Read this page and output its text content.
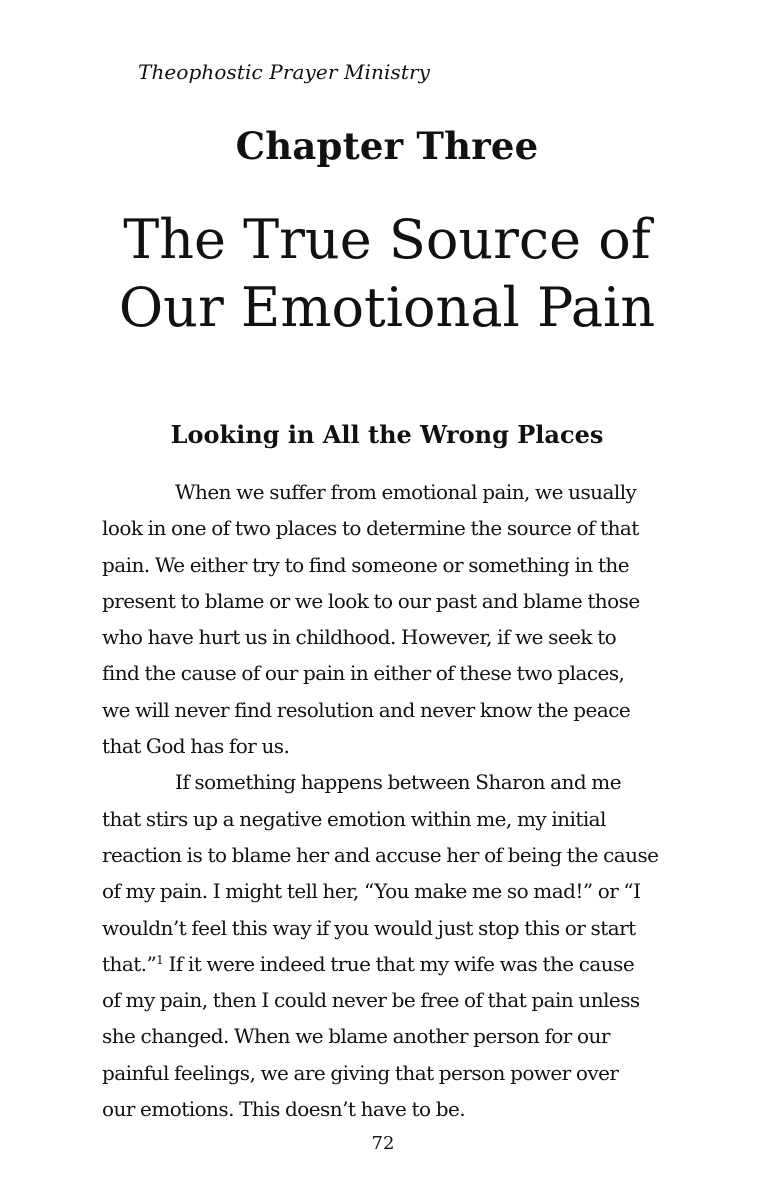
Theophostic Prayer Ministry
Chapter Three
The True Source of
Our Emotional Pain
Looking in All the Wrong Places
When we suffer from emotional pain, we usually
look in one of two places to determine the source of that
pain. We either try to find someone or something in the
present to blame or we look to our past and blame those
who have hurt us in childhood. However, if we seek to
find the cause of our pain in either of these two places,
we will never find resolution and never know the peace
that God has for us.
If something happens between Sharon and me
that stirs up a negative emotion within me, my initial
reaction is to blame her and accuse her of being the cause
of my pain. I might tell her, “You make me so mad!” or “I
wouldn’t feel this way if you would just stop this or start
that.”$^1$ If it were indeed true that my wife was the cause
of my pain, then I could never be free of that pain unless
she changed. When we blame another person for our
painful feelings, we are giving that person power over
our emotions. This doesn’t have to be.
72
